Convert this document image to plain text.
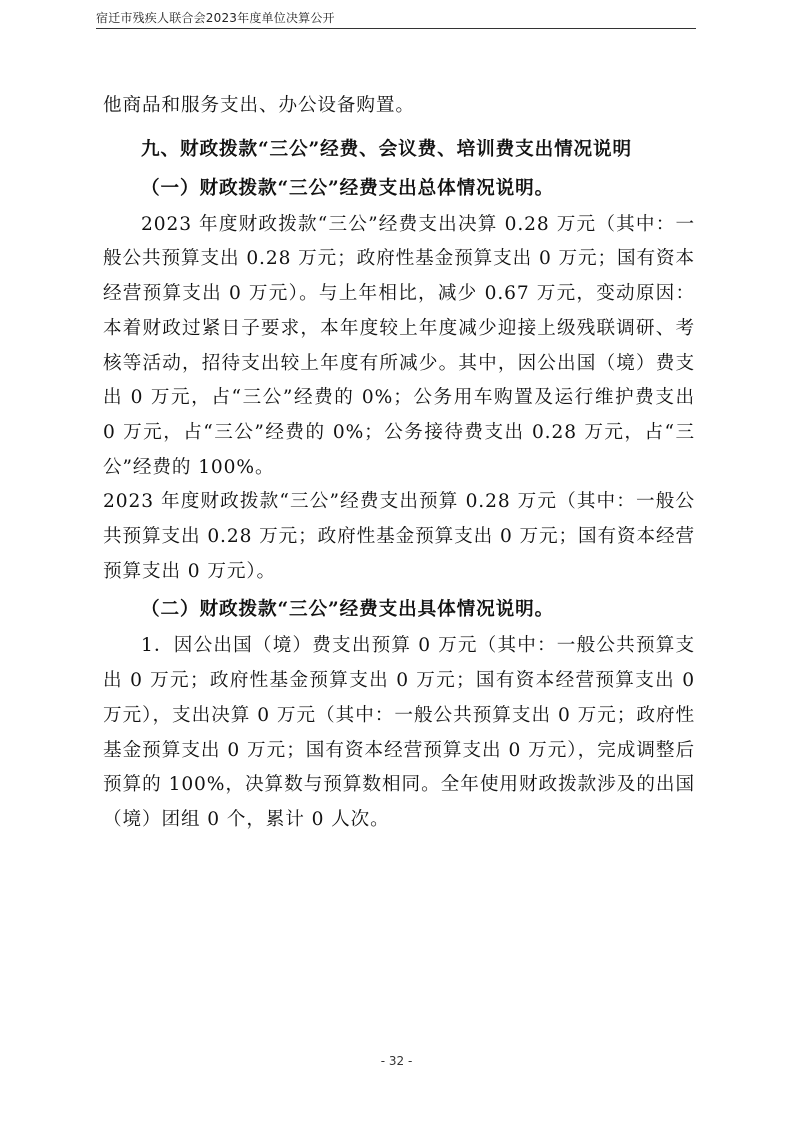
宿迁市残疾人联合会2023年度单位决算公开

他商品和服务支出、办公设备购置。

九、财政拨款“三公”经费、会议费、培训费支出情况说明

（一）财政拨款“三公”经费支出总体情况说明。

2023 年度财政拨款“三公”经费支出决算 0.28 万元（其中：一般公共预算支出 0.28 万元；政府性基金预算支出 0 万元；国有资本经营预算支出 0 万元）。与上年相比，减少 0.67 万元，变动原因：本着财政过紧日子要求，本年度较上年度减少迎接上级残联调研、考核等活动，招待支出较上年度有所减少。其中，因公出国（境）费支出 0 万元，占“三公”经费的 0%；公务用车购置及运行维护费支出 0 万元，占“三公”经费的 0%；公务接待费支出 0.28 万元，占“三公”经费的 100%。

2023 年度财政拨款“三公”经费支出预算 0.28 万元（其中：一般公共预算支出 0.28 万元；政府性基金预算支出 0 万元；国有资本经营预算支出 0 万元）。

（二）财政拨款“三公”经费支出具体情况说明。

1．因公出国（境）费支出预算 0 万元（其中：一般公共预算支出 0 万元；政府性基金预算支出 0 万元；国有资本经营预算支出 0 万元），支出决算 0 万元（其中：一般公共预算支出 0 万元；政府性基金预算支出 0 万元；国有资本经营预算支出 0 万元），完成调整后预算的 100%，决算数与预算数相同。全年使用财政拨款涉及的出国（境）团组 0 个，累计 0 人次。

- 32 -
